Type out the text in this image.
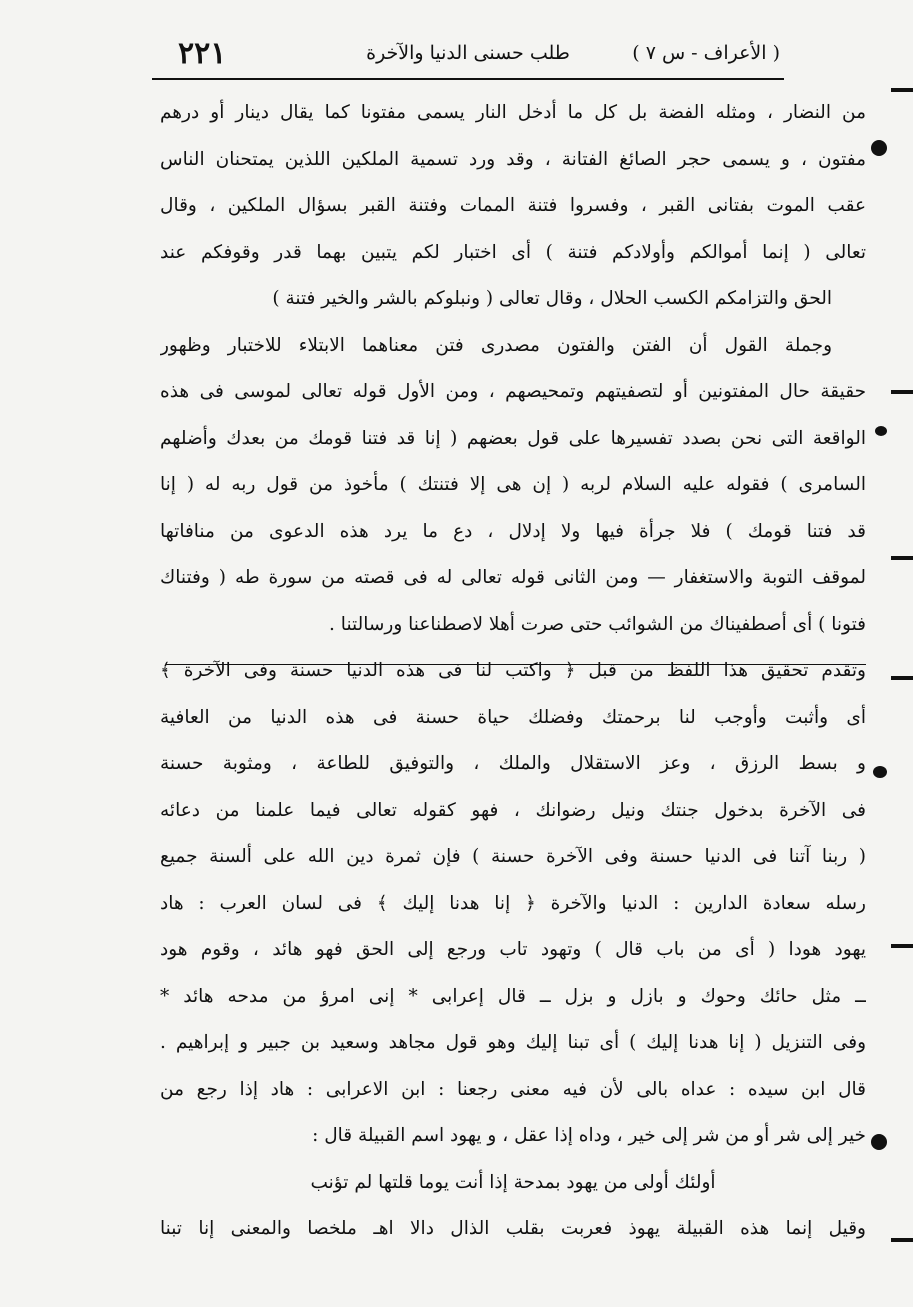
٢٢١	طلب حسنى الدنيا والآخرة	( الأعراف - س ٧ )
من النضار ، ومثله الفضة بل كل ما أدخل النار يسمى مفتونا كما يقال دينار أو درهم
مفتون ، و يسمى حجر الصائغ الفتانة ، وقد ورد تسمية الملكين اللذين يمتحنان الناس
عقب الموت بفتانى القبر ، وفسروا فتنة الممات وفتنة القبر بسؤال الملكين ، وقال
تعالى ( إنما أموالكم وأولادكم فتنة ) أى اختبار لكم يتبين بهما قدر وقوفكم عند
الحق والتزامكم الكسب الحلال ، وقال تعالى ( ونبلوكم بالشر والخير فتنة )
وجملة القول أن الفتن والفتون مصدرى فتن معناهما الابتلاء للاختبار وظهور
حقيقة حال المفتونين أو لتصفيتهم وتمحيصهم ، ومن الأول قوله تعالى لموسى فى هذه
الواقعة التى نحن بصدد تفسيرها على قول بعضهم ( إنا قد فتنا قومك من بعدك وأضلهم
السامرى ) فقوله عليه السلام لربه ( إن هى إلا فتنتك ) مأخوذ من قول ربه له ( إنا
قد فتنا قومك ) فلا جرأة فيها ولا إدلال ، دع ما يرد هذه الدعوى من منافاتها
لموقف التوبة والاستغفار — ومن الثانى قوله تعالى له فى قصته من سورة طه ( وفتناك
فتونا ) أى أصطفيناك من الشوائب حتى صرت أهلا لاصطناعنا ورسالتنا .
وتقدم تحقيق هذا اللفظ من قبل ﴿ واكتب لنا فى هذه الدنيا حسنة وفى الآخرة ﴾
أى وأثبت وأوجب لنا برحمتك وفضلك حياة حسنة فى هذه الدنيا من العافية
و بسط الرزق ، وعز الاستقلال والملك ، والتوفيق للطاعة ، ومثوبة حسنة
فى الآخرة بدخول جنتك ونيل رضوانك ، فهو كقوله تعالى فيما علمنا من دعائه
( ربنا آتنا فى الدنيا حسنة وفى الآخرة حسنة ) فإن ثمرة دين الله على ألسنة جميع
رسله سعادة الدارين : الدنيا والآخرة ﴿ إنا هدنا إليك ﴾ فى لسان العرب : هاد
يهود هودا ( أى من باب قال ) وتهود تاب ورجع إلى الحق فهو هائد ، وقوم هود
ــ مثل حائك وحوك و بازل و بزل ــ قال إعرابى * إنى امرؤ من مدحه هائد *
وفى التنزيل ( إنا هدنا إليك ) أى تبنا إليك وهو قول مجاهد وسعيد بن جبير و إبراهيم .
قال ابن سيده : عداه بالى لأن فيه معنى رجعنا : ابن الاعرابى : هاد إذا رجع من
خير إلى شر أو من شر إلى خير ، وداه إذا عقل ، و يهود اسم القبيلة قال :
أولئك أولى من يهود بمدحة إذا أنت يوما قلتها لم تؤنب
وقيل إنما هذه القبيلة يهوذ فعربت بقلب الذال دالا اهـ ملخصا والمعنى إنا تبنا
